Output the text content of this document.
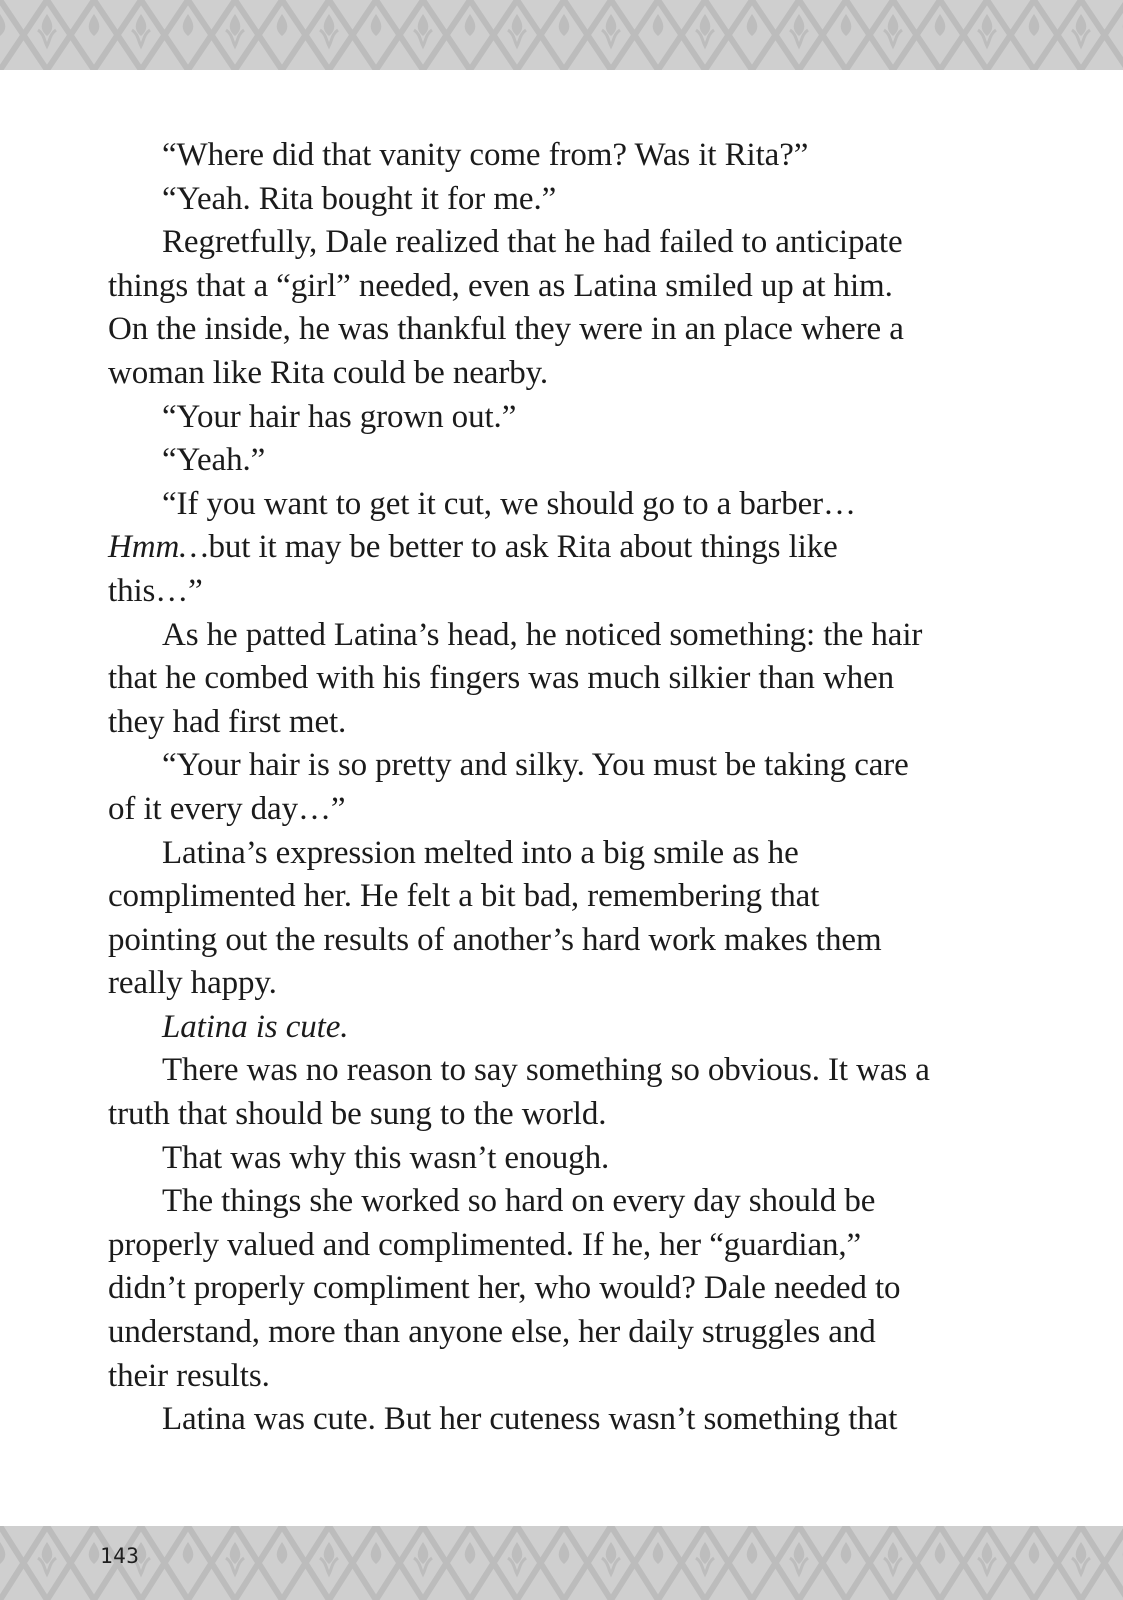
“Where did that vanity come from? Was it Rita?”
“Yeah. Rita bought it for me.”
Regretfully, Dale realized that he had failed to anticipate
things that a “girl” needed, even as Latina smiled up at him.
On the inside, he was thankful they were in an place where a
woman like Rita could be nearby.
“Your hair has grown out.”
“Yeah.”
“If you want to get it cut, we should go to a barber…
Hmm…but it may be better to ask Rita about things like
this…”
As he patted Latina’s head, he noticed something: the hair
that he combed with his fingers was much silkier than when
they had first met.
“Your hair is so pretty and silky. You must be taking care
of it every day…”
Latina’s expression melted into a big smile as he
complimented her. He felt a bit bad, remembering that
pointing out the results of another’s hard work makes them
really happy.
Latina is cute.
There was no reason to say something so obvious. It was a
truth that should be sung to the world.
That was why this wasn’t enough.
The things she worked so hard on every day should be
properly valued and complimented. If he, her “guardian,”
didn’t properly compliment her, who would? Dale needed to
understand, more than anyone else, her daily struggles and
their results.
Latina was cute. But her cuteness wasn’t something that
143
